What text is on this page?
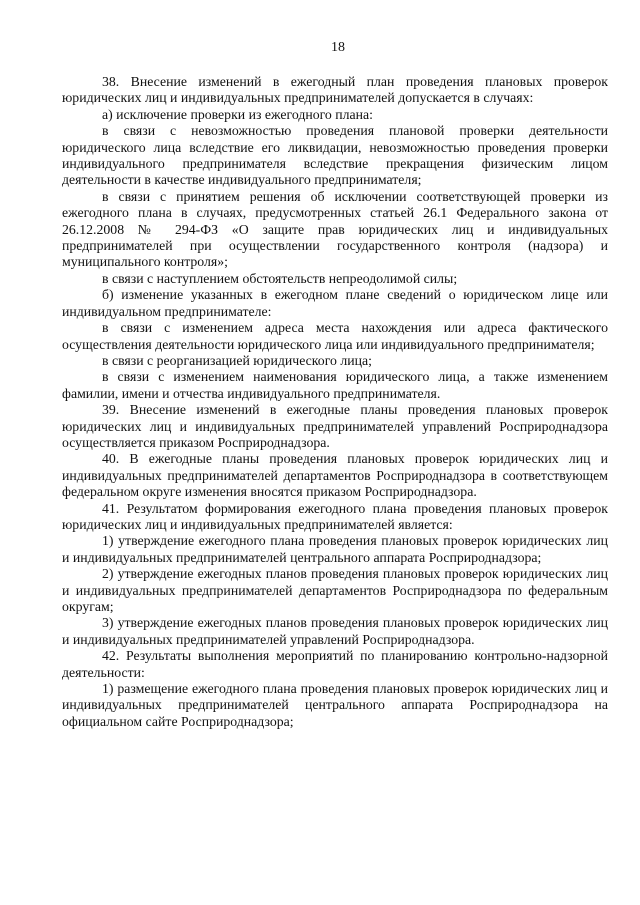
18

38. Внесение изменений в ежегодный план проведения плановых проверок юридических лиц и индивидуальных предпринимателей допускается в случаях:

а) исключение проверки из ежегодного плана:

в связи с невозможностью проведения плановой проверки деятельности юридического лица вследствие его ликвидации, невозможностью проведения проверки индивидуального предпринимателя вследствие прекращения физическим лицом деятельности в качестве индивидуального предпринимателя;

в связи с принятием решения об исключении соответствующей проверки из ежегодного плана в случаях, предусмотренных статьей 26.1 Федерального закона от 26.12.2008 № 294-ФЗ «О защите прав юридических лиц и индивидуальных предпринимателей при осуществлении государственного контроля (надзора) и муниципального контроля»;

в связи с наступлением обстоятельств непреодолимой силы;

б) изменение указанных в ежегодном плане сведений о юридическом лице или индивидуальном предпринимателе:

в связи с изменением адреса места нахождения или адреса фактического осуществления деятельности юридического лица или индивидуального предпринимателя;

в связи с реорганизацией юридического лица;

в связи с изменением наименования юридического лица, а также изменением фамилии, имени и отчества индивидуального предпринимателя.

39. Внесение изменений в ежегодные планы проведения плановых проверок юридических лиц и индивидуальных предпринимателей управлений Росприроднадзора осуществляется приказом Росприроднадзора.

40. В ежегодные планы проведения плановых проверок юридических лиц и индивидуальных предпринимателей департаментов Росприроднадзора в соответствующем федеральном округе изменения вносятся приказом Росприроднадзора.

41. Результатом формирования ежегодного плана проведения плановых проверок юридических лиц и индивидуальных предпринимателей является:

1) утверждение ежегодного плана проведения плановых проверок юридических лиц и индивидуальных предпринимателей центрального аппарата Росприроднадзора;

2) утверждение ежегодных планов проведения плановых проверок юридических лиц и индивидуальных предпринимателей департаментов Росприроднадзора по федеральным округам;

3) утверждение ежегодных планов проведения плановых проверок юридических лиц и индивидуальных предпринимателей управлений Росприроднадзора.

42. Результаты выполнения мероприятий по планированию контрольно-надзорной деятельности:

1) размещение ежегодного плана проведения плановых проверок юридических лиц и индивидуальных предпринимателей центрального аппарата Росприроднадзора на официальном сайте Росприроднадзора;
